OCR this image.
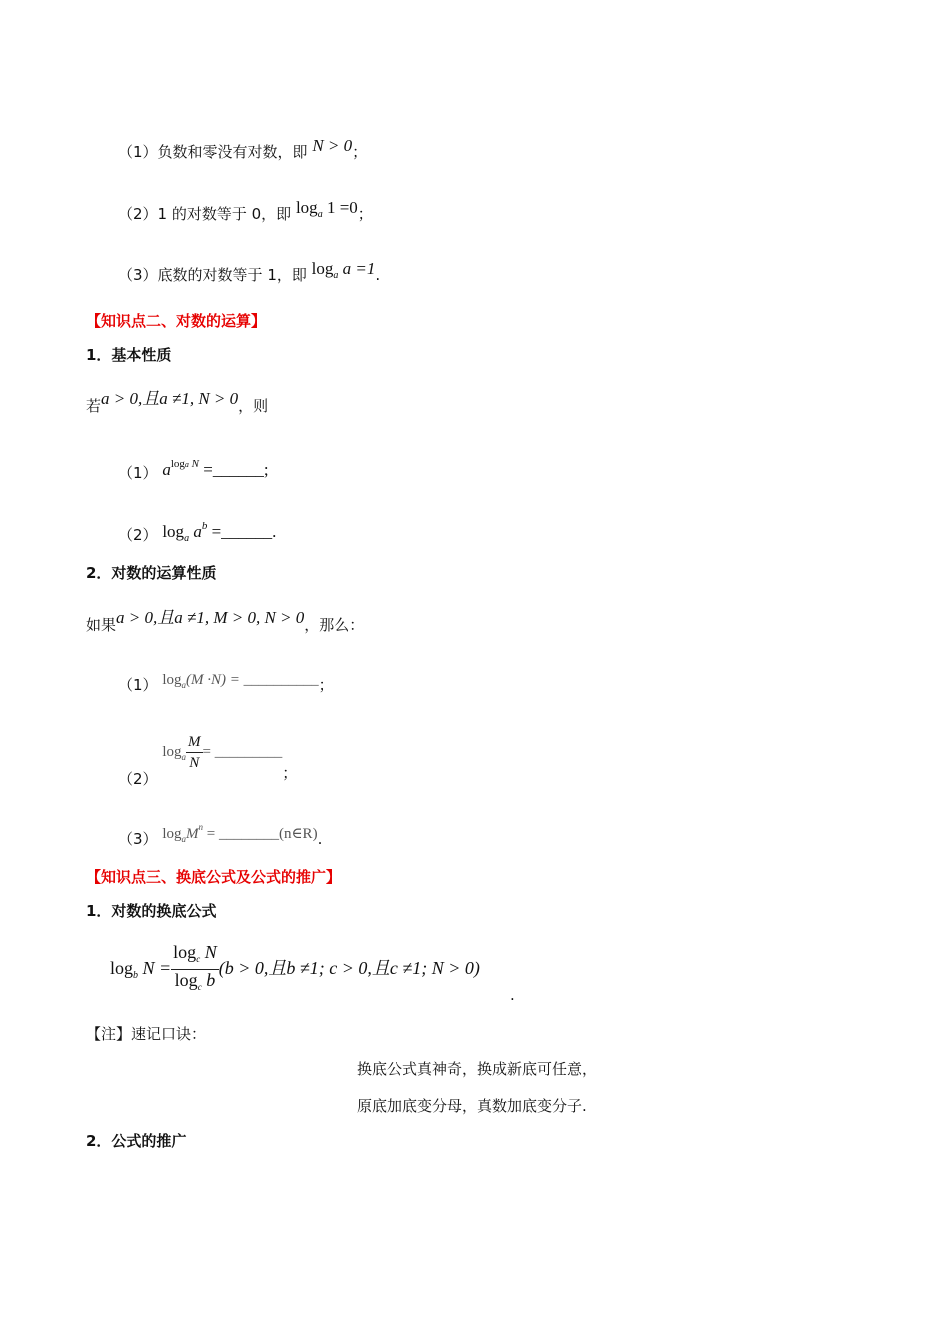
（1）负数和零没有对数，即 N > 0；
（2）1 的对数等于 0，即 $\log_a 1 =0$；
（3）底数的对数等于 1，即 $\log_a a =1$.
【知识点二、对数的运算】
1．基本性质
若a > 0,且a ≠1, N > 0，则
（1） $a^{loga N}$ =______;
（2） $\log_a a^b$ =______.
2．对数的运算性质
如果a > 0,且a ≠1, M > 0, N > 0，那么：
（1） $\log_a(M \cdot N)$ = __________；
（2） $\log_a \frac{M}{N}$ = _________；
（3） $\log_aM^n$ = ________(n∈R).
【知识点三、换底公式及公式的推广】
1．对数的换底公式
$\log_b N = \frac{\log_c N}{\log_c b} (b > 0$,且b ≠1; c > 0,且c ≠1; N > 0)
.
【注】速记口诀：
换底公式真神奇，换成新底可任意，
原底加底变分母，真数加底变分子.
2．公式的推广
